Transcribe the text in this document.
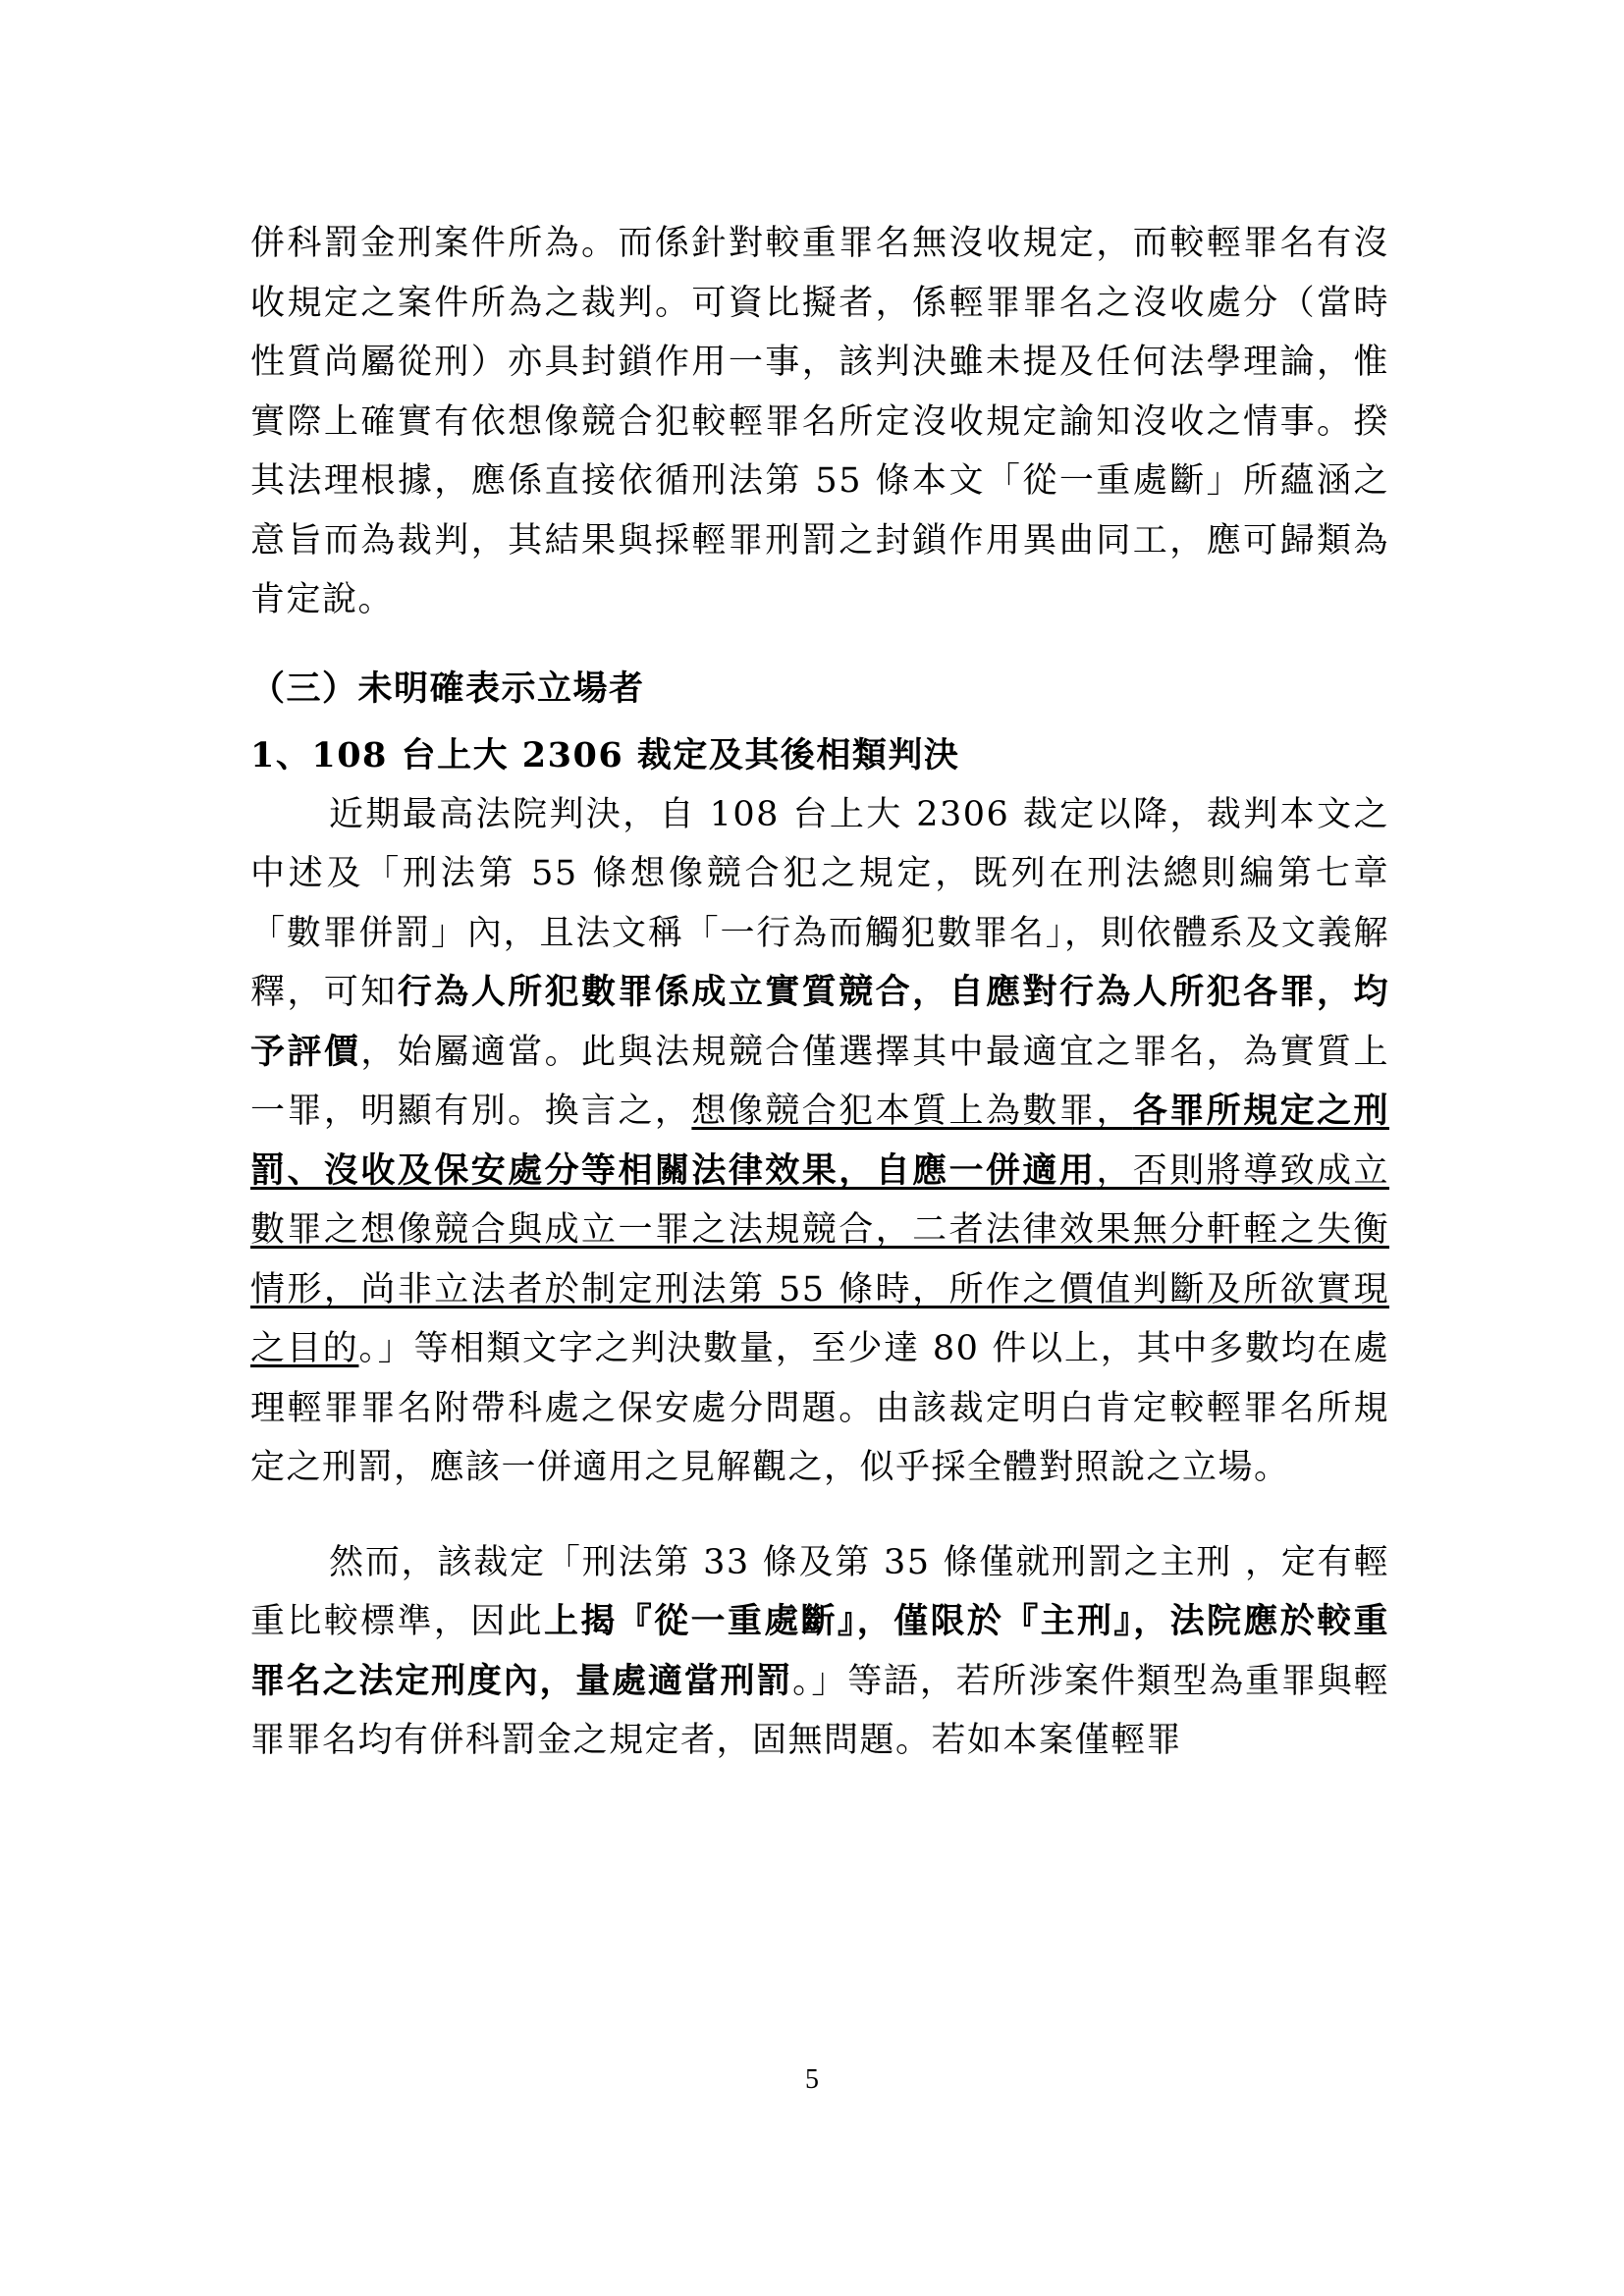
併科罰金刑案件所為。而係針對較重罪名無沒收規定，而較輕罪名有沒收規定之案件所為之裁判。可資比擬者，係輕罪罪名之沒收處分（當時性質尚屬從刑）亦具封鎖作用一事，該判決雖未提及任何法學理論，惟實際上確實有依想像競合犯較輕罪名所定沒收規定諭知沒收之情事。揆其法理根據，應係直接依循刑法第 55 條本文「從一重處斷」所蘊涵之意旨而為裁判，其結果與採輕罪刑罰之封鎖作用異曲同工，應可歸類為肯定說。

（三）未明確表示立場者
1、108 台上大 2306 裁定及其後相類判決

近期最高法院判決，自 108 台上大 2306 裁定以降，裁判本文之中述及「刑法第 55 條想像競合犯之規定，既列在刑法總則編第七章「數罪併罰」內，且法文稱「一行為而觸犯數罪名」，則依體系及文義解釋，可知行為人所犯數罪係成立實質競合，自應對行為人所犯各罪，均予評價，始屬適當。此與法規競合僅選擇其中最適宜之罪名，為實質上一罪，明顯有別。換言之，想像競合犯本質上為數罪，各罪所規定之刑罰、沒收及保安處分等相關法律效果，自應一併適用，否則將導致成立數罪之想像競合與成立一罪之法規競合，二者法律效果無分軒輊之失衡情形，尚非立法者於制定刑法第 55 條時，所作之價值判斷及所欲實現之目的。」等相類文字之判決數量，至少達 80 件以上，其中多數均在處理輕罪罪名附帶科處之保安處分問題。由該裁定明白肯定較輕罪名所規定之刑罰，應該一併適用之見解觀之，似乎採全體對照說之立場。

然而，該裁定「刑法第 33 條及第 35 條僅就刑罰之主刑 ，定有輕重比較標準，因此上揭『從一重處斷』，僅限於『主刑』，法院應於較重罪名之法定刑度內，量處適當刑罰。」等語，若所涉案件類型為重罪與輕罪罪名均有併科罰金之規定者，固無問題。若如本案僅輕罪

5
